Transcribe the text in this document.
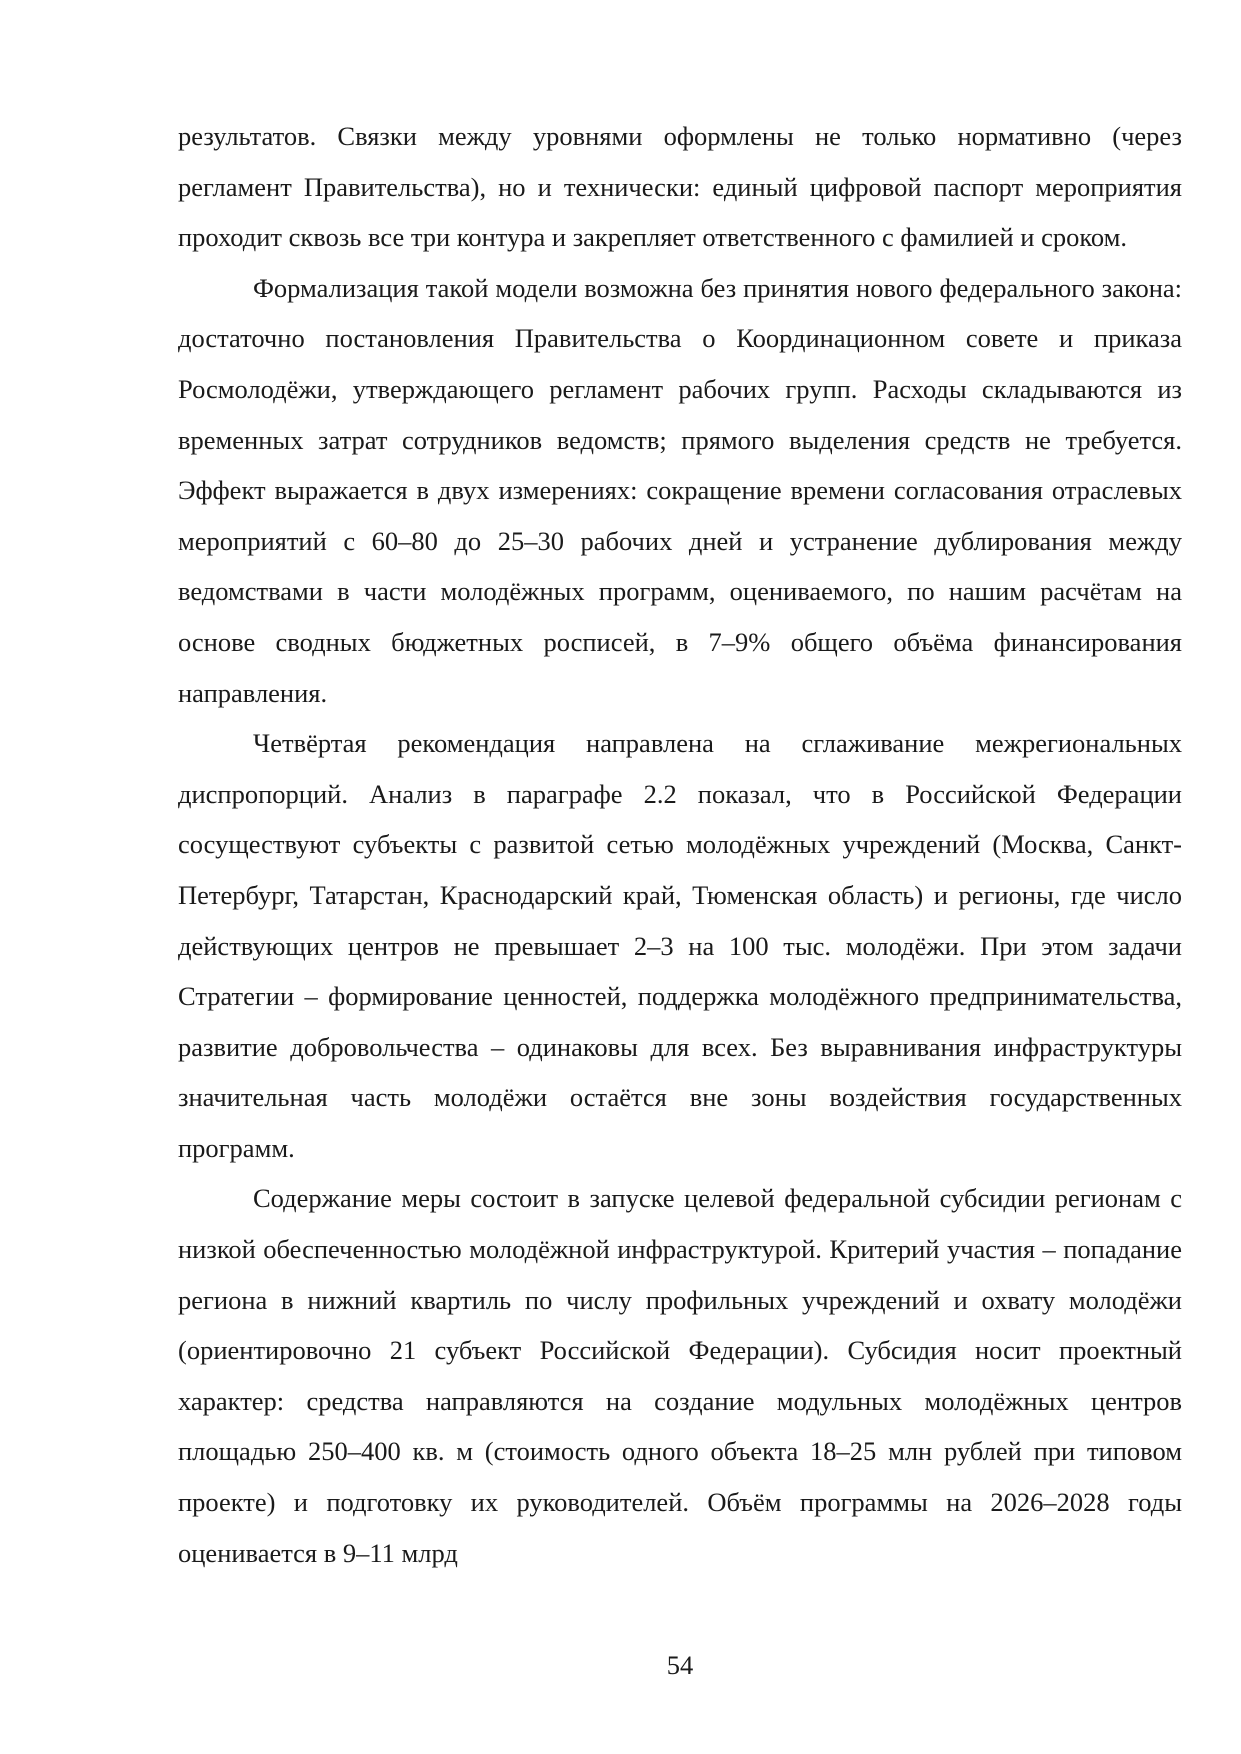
результатов. Связки между уровнями оформлены не только нормативно (через регламент Правительства), но и технически: единый цифровой паспорт мероприятия проходит сквозь все три контура и закрепляет ответственного с фамилией и сроком.

Формализация такой модели возможна без принятия нового федерального закона: достаточно постановления Правительства о Координационном совете и приказа Росмолодёжи, утверждающего регламент рабочих групп. Расходы складываются из временных затрат сотрудников ведомств; прямого выделения средств не требуется. Эффект выражается в двух измерениях: сокращение времени согласования отраслевых мероприятий с 60–80 до 25–30 рабочих дней и устранение дублирования между ведомствами в части молодёжных программ, оцениваемого, по нашим расчётам на основе сводных бюджетных росписей, в 7–9% общего объёма финансирования направления.

Четвёртая рекомендация направлена на сглаживание межрегиональных диспропорций. Анализ в параграфе 2.2 показал, что в Российской Федерации сосуществуют субъекты с развитой сетью молодёжных учреждений (Москва, Санкт-Петербург, Татарстан, Краснодарский край, Тюменская область) и регионы, где число действующих центров не превышает 2–3 на 100 тыс. молодёжи. При этом задачи Стратегии – формирование ценностей, поддержка молодёжного предпринимательства, развитие добровольчества – одинаковы для всех. Без выравнивания инфраструктуры значительная часть молодёжи остаётся вне зоны воздействия государственных программ.

Содержание меры состоит в запуске целевой федеральной субсидии регионам с низкой обеспеченностью молодёжной инфраструктурой. Критерий участия – попадание региона в нижний квартиль по числу профильных учреждений и охвату молодёжи (ориентировочно 21 субъект Российской Федерации). Субсидия носит проектный характер: средства направляются на создание модульных молодёжных центров площадью 250–400 кв. м (стоимость одного объекта 18–25 млн рублей при типовом проекте) и подготовку их руководителей. Объём программы на 2026–2028 годы оценивается в 9–11 млрд

54
